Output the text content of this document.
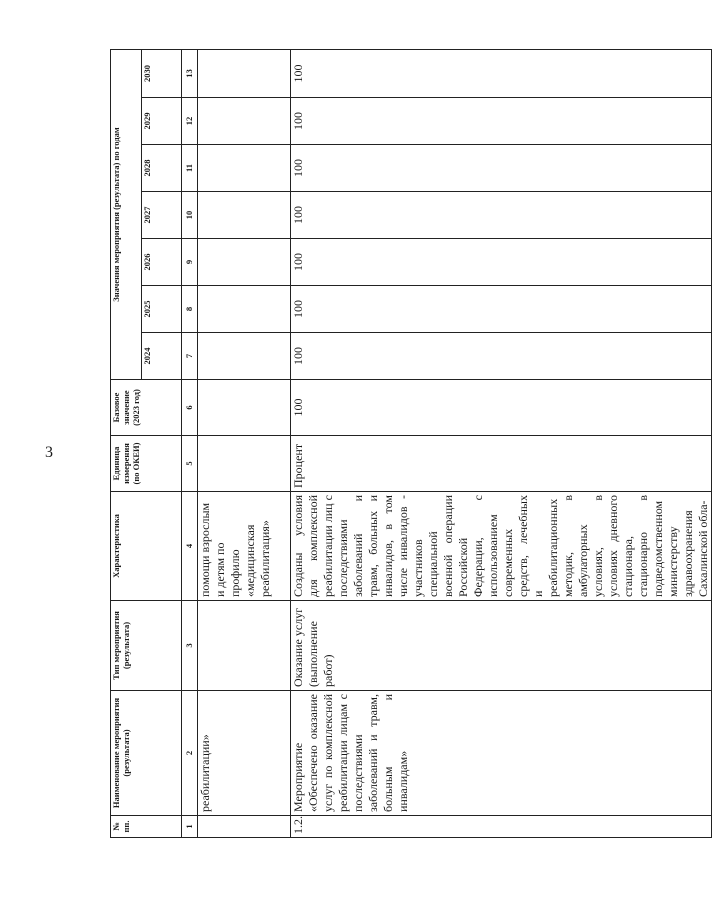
3
№ пп.	Наименование мероприятия (результата)	Тип мероприятия (результата)	Характеристика	Единица измерения (по ОКЕИ)	Базовое значение (2023 год)	Значения мероприятия (результата) по годам						
						2024	2025	2026	2027	2028	2029	2030
1	2	3	4	5	6	7	8	9	10	11	12	13
	реабилитации»		помощи взрослым
и детям по
профилю
«медицинская
реабилитация»									
1.2.	Мероприятие «Обеспечено оказание услуг по комплексной реабилитации лицам с последствиями заболеваний и травм, больным и инвалидам»	Оказание услуг (выполнение работ)	Созданы условия для комплексной реабилитации лиц с последствиями заболеваний и травм, больных и инвалидов, в том числе инвалидов - участников специальной военной операции Российской Федерации, с использованием современных средств, лечебных и реабилитационных методик, в амбулаторных условиях, в условиях дневного стационара, стационарно в подведомственном министерству здравоохранения Сахалинской обла-	Процент	100	100	100	100	100	100	100	100
